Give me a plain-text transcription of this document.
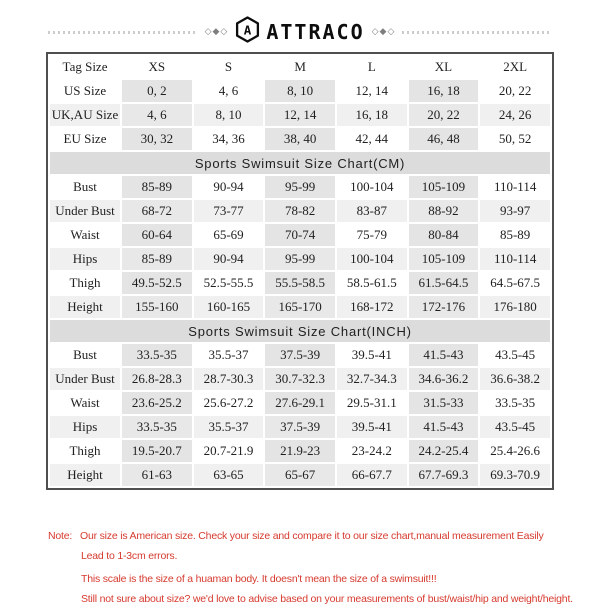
◇◆◇ A ATTRACO ◇◆◇
Tag Size	XS	S	M	L	XL	2XL
US Size	0, 2	4, 6	8, 10	12, 14	16, 18	20, 22
UK,AU Size	4, 6	8, 10	12, 14	16, 18	20, 22	24, 26
EU Size	30, 32	34, 36	38, 40	42, 44	46, 48	50, 52
Sports Swimsuit Size Chart(CM)						
Bust	85-89	90-94	95-99	100-104	105-109	110-114
Under Bust	68-72	73-77	78-82	83-87	88-92	93-97
Waist	60-64	65-69	70-74	75-79	80-84	85-89
Hips	85-89	90-94	95-99	100-104	105-109	110-114
Thigh	49.5-52.5	52.5-55.5	55.5-58.5	58.5-61.5	61.5-64.5	64.5-67.5
Height	155-160	160-165	165-170	168-172	172-176	176-180
Sports Swimsuit Size Chart(INCH)						
Bust	33.5-35	35.5-37	37.5-39	39.5-41	41.5-43	43.5-45
Under Bust	26.8-28.3	28.7-30.3	30.7-32.3	32.7-34.3	34.6-36.2	36.6-38.2
Waist	23.6-25.2	25.6-27.2	27.6-29.1	29.5-31.1	31.5-33	33.5-35
Hips	33.5-35	35.5-37	37.5-39	39.5-41	41.5-43	43.5-45
Thigh	19.5-20.7	20.7-21.9	21.9-23	23-24.2	24.2-25.4	25.4-26.6
Height	61-63	63-65	65-67	66-67.7	67.7-69.3	69.3-70.9
Note: Our size is American size. Check your size and compare it to our size chart,manual measurement Easily
Lead to 1-3cm errors.
This scale is the size of a huaman body. It doesn't mean the size of a swimsuit!!!
Still not sure about size? we'd love to advise based on your measurements of bust/waist/hip and weight/height.
